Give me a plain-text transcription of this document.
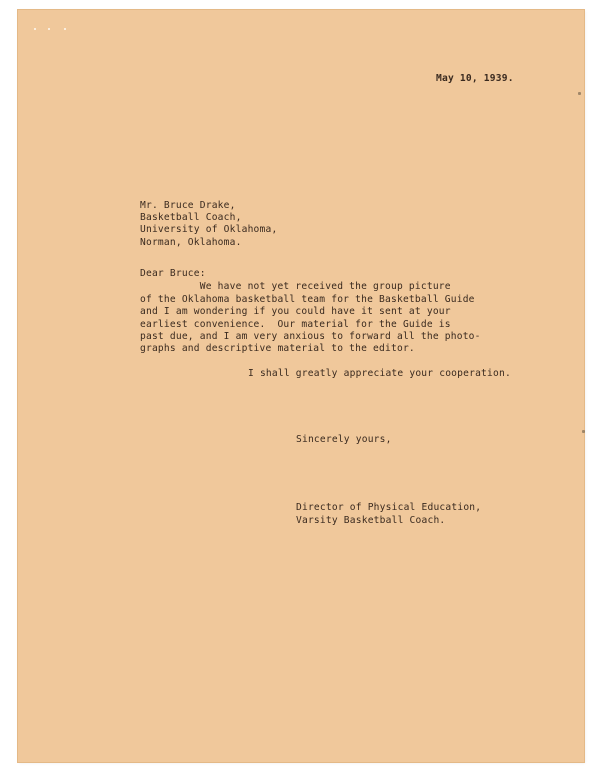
May 10, 1939.
Mr. Bruce Drake,
Basketball Coach,
University of Oklahoma,
Norman, Oklahoma.
Dear Bruce:
We have not yet received the group picture
of the Oklahoma basketball team for the Basketball Guide
and I am wondering if you could have it sent at your
earliest convenience.  Our material for the Guide is
past due, and I am very anxious to forward all the photo-
graphs and descriptive material to the editor.
I shall greatly appreciate your cooperation.
Sincerely yours,
Director of Physical Education,
Varsity Basketball Coach.
